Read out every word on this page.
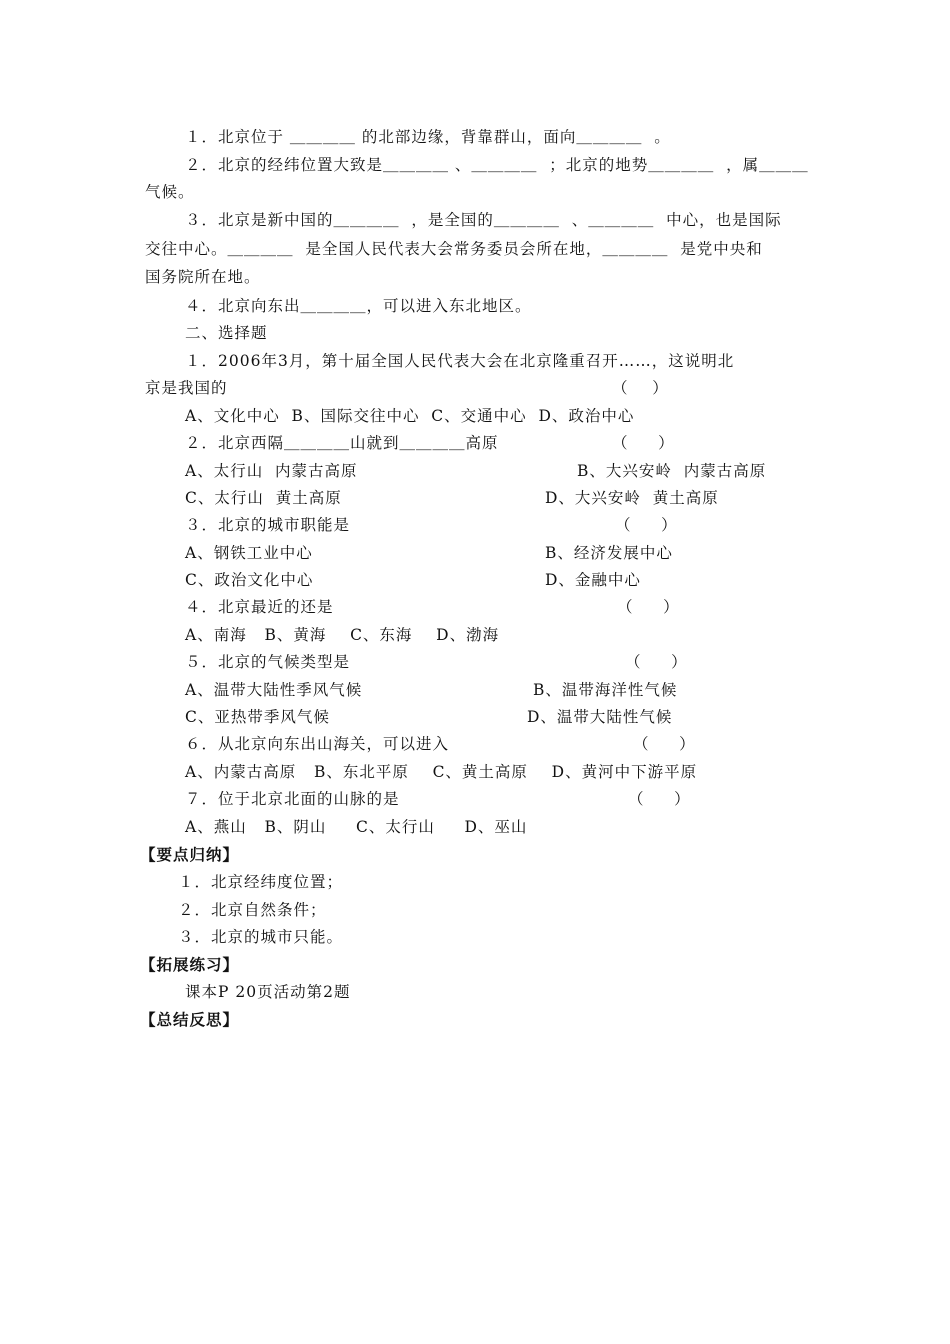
１．北京位于 ＿＿＿＿ 的北部边缘，背靠群山，面向＿＿＿＿  。
２．北京的经纬位置大致是＿＿＿＿ 、＿＿＿＿  ；北京的地势＿＿＿＿  ，属＿＿＿
气候。
３．北京是新中国的＿＿＿＿  ，是全国的＿＿＿＿  、＿＿＿＿  中心，也是国际
交往中心。＿＿＿＿  是全国人民代表大会常务委员会所在地，＿＿＿＿  是党中央和
国务院所在地。
４．北京向东出＿＿＿＿，可以进入东北地区。
二、选择题
１．2006年3月，第十届全国人民代表大会在北京隆重召开……，这说明北
京是我国的	（    ）
A、文化中心  B、国际交往中心  C、交通中心  D、政治中心
２．北京西隔＿＿＿＿山就到＿＿＿＿高原	（     ）
A、太行山  内蒙古高原	B、大兴安岭  内蒙古高原
C、太行山  黄土高原	D、大兴安岭  黄土高原
３．北京的城市职能是	（     ）
A、钢铁工业中心	B、经济发展中心
C、政治文化中心	D、金融中心
４．北京最近的还是	（     ）
A、南海   B、黄海    C、东海    D、渤海
５．北京的气候类型是	（     ）
A、温带大陆性季风气候	B、温带海洋性气候
C、亚热带季风气候	D、温带大陆性气候
６．从北京向东出山海关，可以进入	（     ）
A、内蒙古高原   B、东北平原    C、黄土高原    D、黄河中下游平原
７．位于北京北面的山脉的是	（     ）
A、燕山   B、阴山     C、太行山     D、巫山
【要点归纳】
１．北京经纬度位置；
２．北京自然条件；
３．北京的城市只能。
【拓展练习】
课本P 20页活动第2题
【总结反思】
